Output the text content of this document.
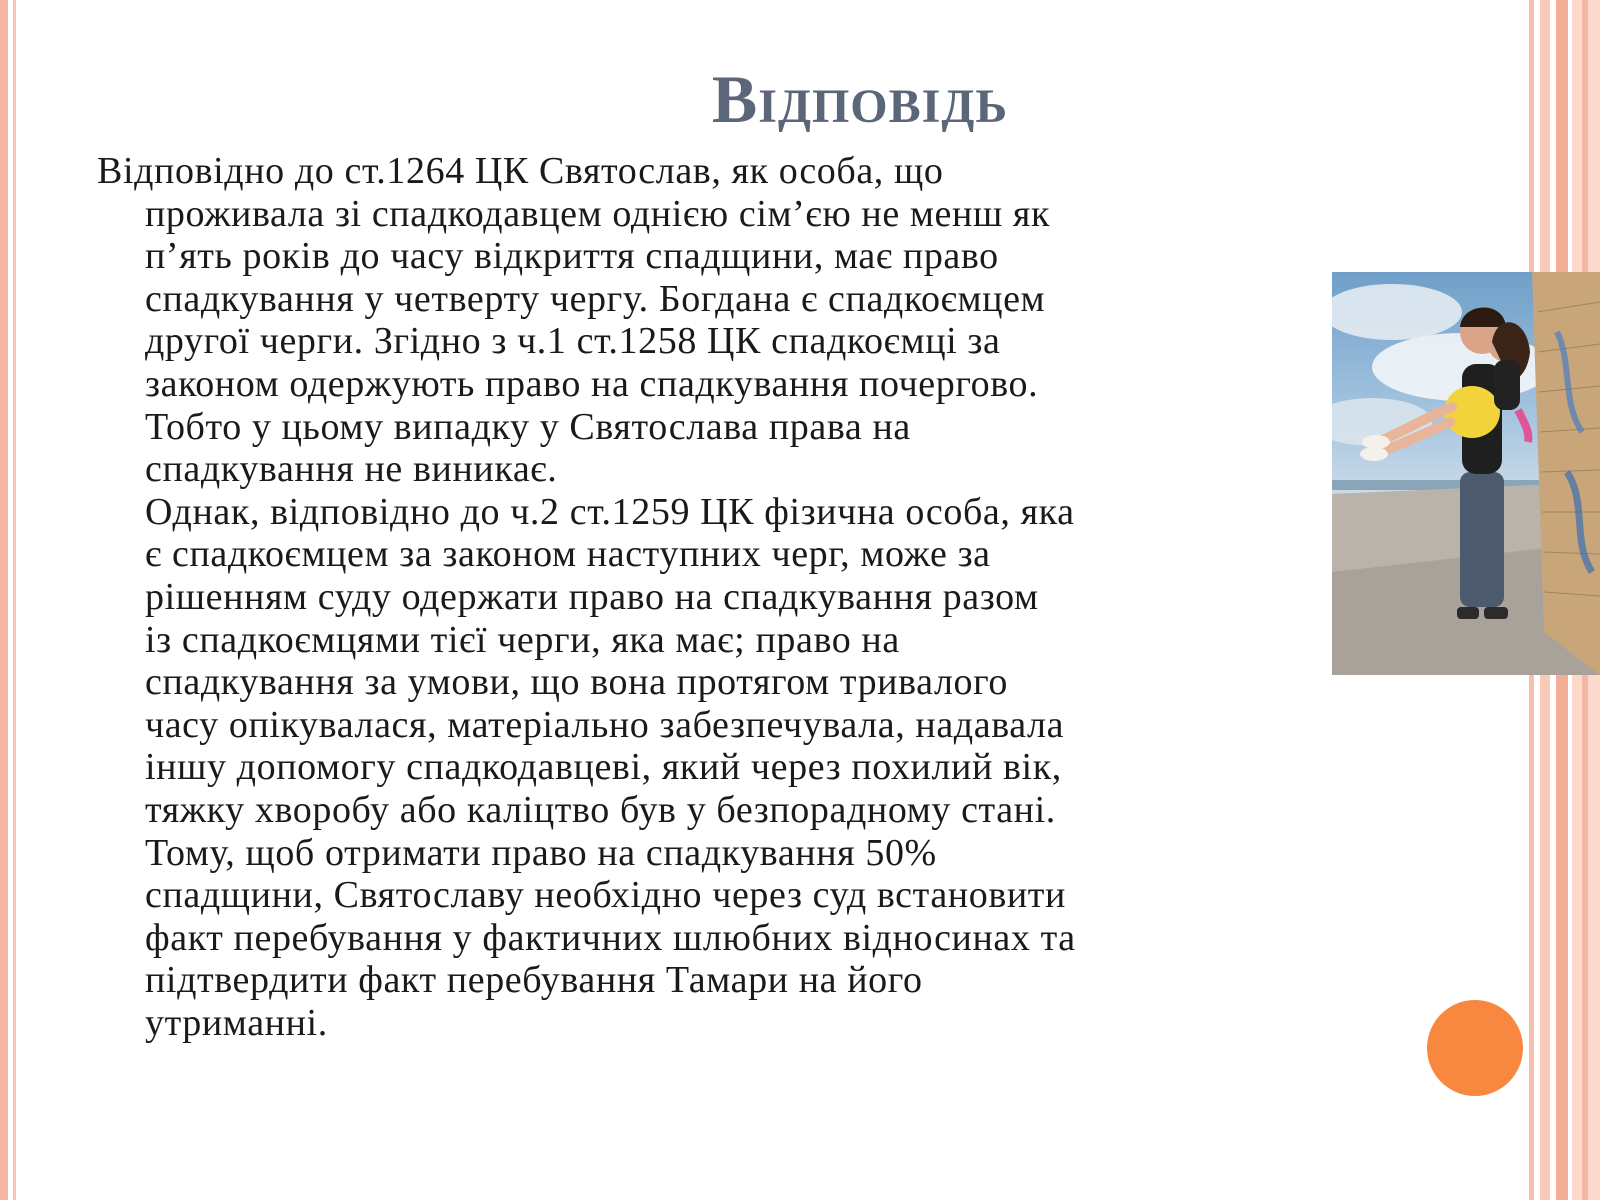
Відповідь
Відповідно до ст.1264 ЦК Святослав, як особа, що
проживала зі спадкодавцем однією сім’єю не менш як
п’ять років до часу відкриття спадщини, має право
спадкування у четверту чергу. Богдана є спадкоємцем
другої черги. Згідно з ч.1 ст.1258 ЦК спадкоємці за
законом одержують право на спадкування почергово.
Тобто у цьому випадку у Святослава права на
спадкування не виникає.
Однак, відповідно до ч.2 ст.1259 ЦК фізична особа, яка
є спадкоємцем за законом наступних черг, може за
рішенням суду одержати право на спадкування разом
із спадкоємцями тієї черги, яка має; право на
спадкування за умови, що вона протягом тривалого
часу опікувалася, матеріально забезпечувала, надавала
іншу допомогу спадкодавцеві, який через похилий вік,
тяжку хворобу або каліцтво був у безпорадному стані.
Тому, щоб отримати право на спадкування 50%
спадщини, Святославу необхідно через суд встановити
факт перебування у фактичних шлюбних відносинах та
підтвердити факт перебування Тамари на його
утриманні.
